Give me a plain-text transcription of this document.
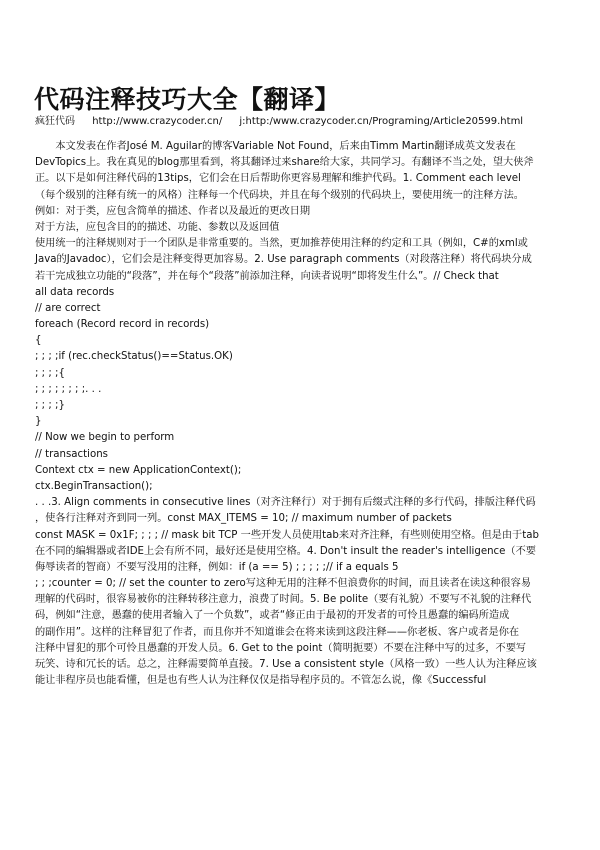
代码注释技巧大全【翻译】
疯狂代码 http://www.crazycoder.cn/ j:http:/www.crazycoder.cn/Programing/Article20599.html
　　本文发表在作者José M. Aguilar的博客Variable Not Found，后来由Timm Martin翻译成英文发表在
DevTopics上。我在真见的blog那里看到，将其翻译过来share给大家，共同学习。有翻译不当之处，望大侠斧
正。以下是如何注释代码的13tips，它们会在日后帮助你更容易理解和维护代码。1. Comment each level
（每个级别的注释有统一的风格）注释每一个代码块，并且在每个级别的代码块上，要使用统一的注释方法。
例如：对于类，应包含简单的描述、作者以及最近的更改日期
对于方法，应包含目的的描述、功能、参数以及返回值
使用统一的注释规则对于一个团队是非常重要的。当然，更加推荐使用注释的约定和工具（例如，C#的xml或
Java的Javadoc），它们会是注释变得更加容易。2. Use paragraph comments（对段落注释）将代码块分成
若干完成独立功能的“段落”，并在每个“段落”前添加注释，向读者说明“即将发生什么”。// Check that
all data records
// are correct
foreach (Record record in records)
{
; ; ; ;if (rec.checkStatus()==Status.OK)
; ; ; ;{
; ; ; ; ; ; ; ;. . .
; ; ; ;}
}
// Now we begin to perform
// transactions
Context ctx = new ApplicationContext();
ctx.BeginTransaction();
. . .3. Align comments in consecutive lines（对齐注释行）对于拥有后缀式注释的多行代码，排版注释代码
，使各行注释对齐到同一列。const MAX_ITEMS = 10; // maximum number of packets
const MASK = 0x1F; ; ; ; // mask bit TCP 一些开发人员使用tab来对齐注释，有些则使用空格。但是由于tab
在不同的编辑器或者IDE上会有所不同，最好还是使用空格。4. Don't insult the reader's intelligence（不要
侮辱读者的智商）不要写没用的注释，例如：if (a == 5) ; ; ; ; ;// if a equals 5
; ; ;counter = 0; // set the counter to zero写这种无用的注释不但浪费你的时间，而且读者在读这种很容易
理解的代码时，很容易被你的注释转移注意力，浪费了时间。5. Be polite（要有礼貌）不要写不礼貌的注释代
码，例如“注意，愚蠢的使用者输入了一个负数”，或者“修正由于最初的开发者的可怜且愚蠢的编码所造成
的副作用”。这样的注释冒犯了作者，而且你并不知道谁会在将来读到这段注释——你老板、客户或者是你在
注释中冒犯的那个可怜且愚蠢的开发人员。6. Get to the point（简明扼要）不要在注释中写的过多，不要写
玩笑、诗和冗长的话。总之，注释需要简单直接。7. Use a consistent style（风格一致）一些人认为注释应该
能让非程序员也能看懂，但是也有些人认为注释仅仅是指导程序员的。不管怎么说，像《Successful
